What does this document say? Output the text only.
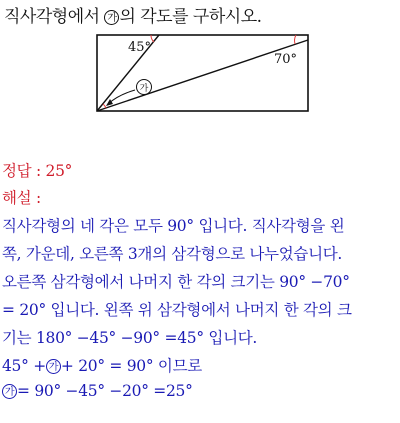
직사각형에서 가 의 각도를 구하시오.
45°
70°
가
정답 : 25°
해설 :
직사각형의 네 각은 모두 90° 입니다. 직사각형을 왼
쪽, 가운데, 오른쪽 3개의 삼각형으로 나누었습니다.
오른쪽 삼각형에서 나머지 한 각의 크기는 90° −70°
= 20° 입니다. 왼쪽 위 삼각형에서 나머지 한 각의 크
기는 180° −45° −90° =45° 입니다.
45° + 가 + 20° = 90° 이므로
가 = 90° −45° −20° =25°
